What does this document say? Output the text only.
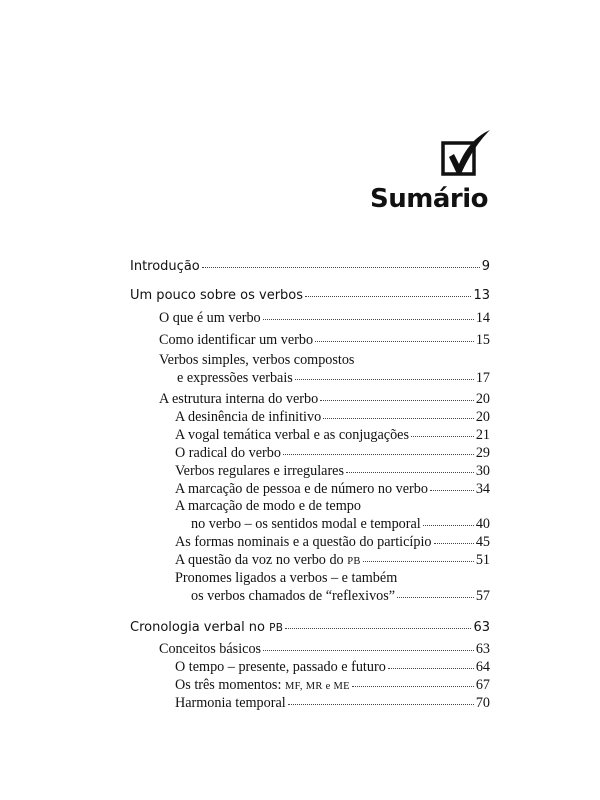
Sumário
Introdução	9
Um pouco sobre os verbos	13
O que é um verbo	14
Como identificar um verbo	15
Verbos simples, verbos compostos
e expressões verbais	17
A estrutura interna do verbo	20
A desinência de infinitivo	20
A vogal temática verbal e as conjugações	21
O radical do verbo	29
Verbos regulares e irregulares	30
A marcação de pessoa e de número no verbo	34
A marcação de modo e de tempo
no verbo – os sentidos modal e temporal	40
As formas nominais e a questão do particípio	45
A questão da voz no verbo do PB	51
Pronomes ligados a verbos – e também
os verbos chamados de “reflexivos”	57
Cronologia verbal no PB	63
Conceitos básicos	63
O tempo – presente, passado e futuro	64
Os três momentos: MF, MR e ME	67
Harmonia temporal	70
